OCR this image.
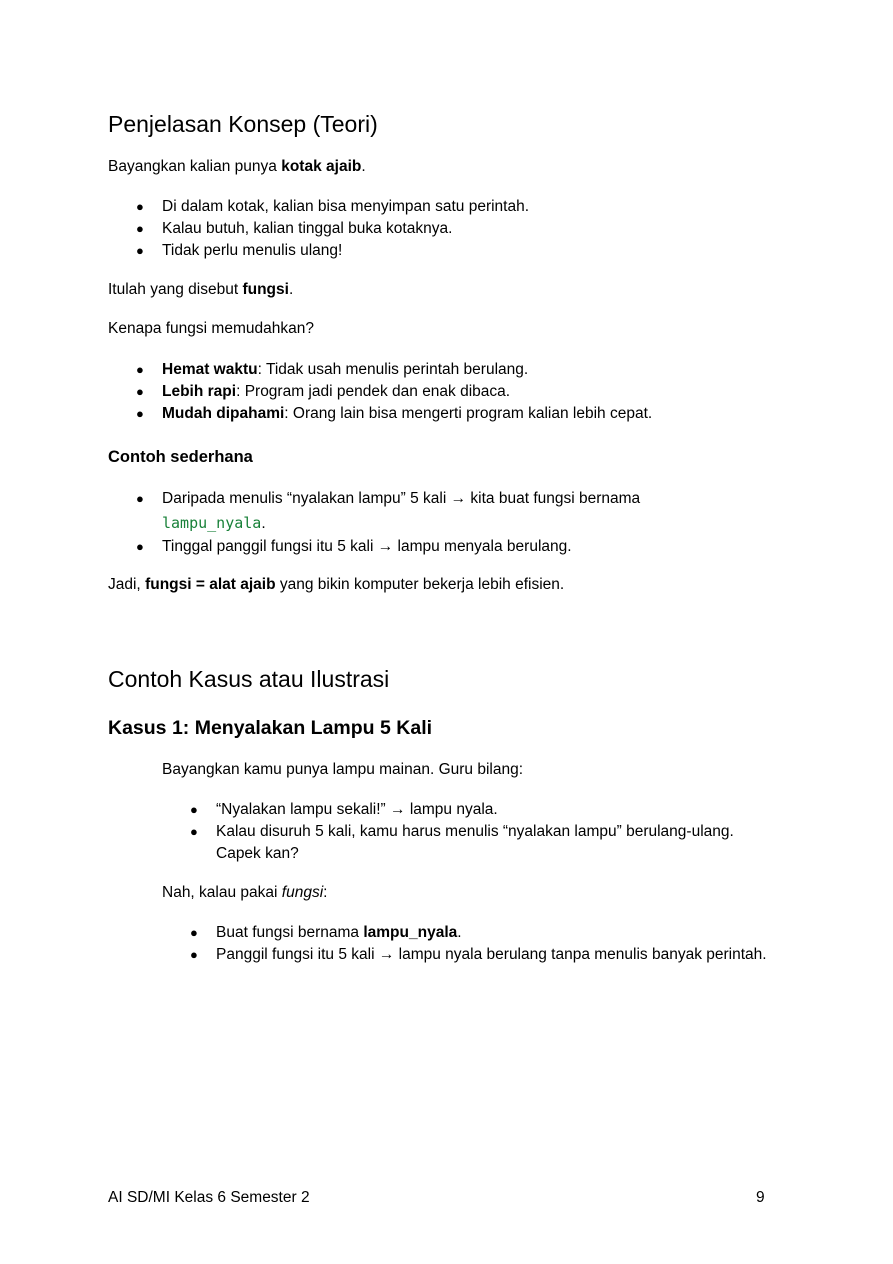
Penjelasan Konsep (Teori)

Bayangkan kalian punya kotak ajaib.

● Di dalam kotak, kalian bisa menyimpan satu perintah.
● Kalau butuh, kalian tinggal buka kotaknya.
● Tidak perlu menulis ulang!

Itulah yang disebut fungsi.

Kenapa fungsi memudahkan?

● Hemat waktu: Tidak usah menulis perintah berulang.
● Lebih rapi: Program jadi pendek dan enak dibaca.
● Mudah dipahami: Orang lain bisa mengerti program kalian lebih cepat.
Contoh sederhana
● Daripada menulis “nyalakan lampu” 5 kali → kita buat fungsi bernama
lampu_nyala.
● Tinggal panggil fungsi itu 5 kali → lampu menyala berulang.

Jadi, fungsi = alat ajaib yang bikin komputer bekerja lebih efisien.

Contoh Kasus atau Ilustrasi
Kasus 1: Menyalakan Lampu 5 Kali

Bayangkan kamu punya lampu mainan. Guru bilang:

● “Nyalakan lampu sekali!” → lampu nyala.
● Kalau disuruh 5 kali, kamu harus menulis “nyalakan lampu” berulang-ulang. Capek kan?

Nah, kalau pakai fungsi:

● Buat fungsi bernama lampu_nyala.
● Panggil fungsi itu 5 kali → lampu nyala berulang tanpa menulis banyak perintah.
AI SD/MI Kelas 6 Semester 2	9
